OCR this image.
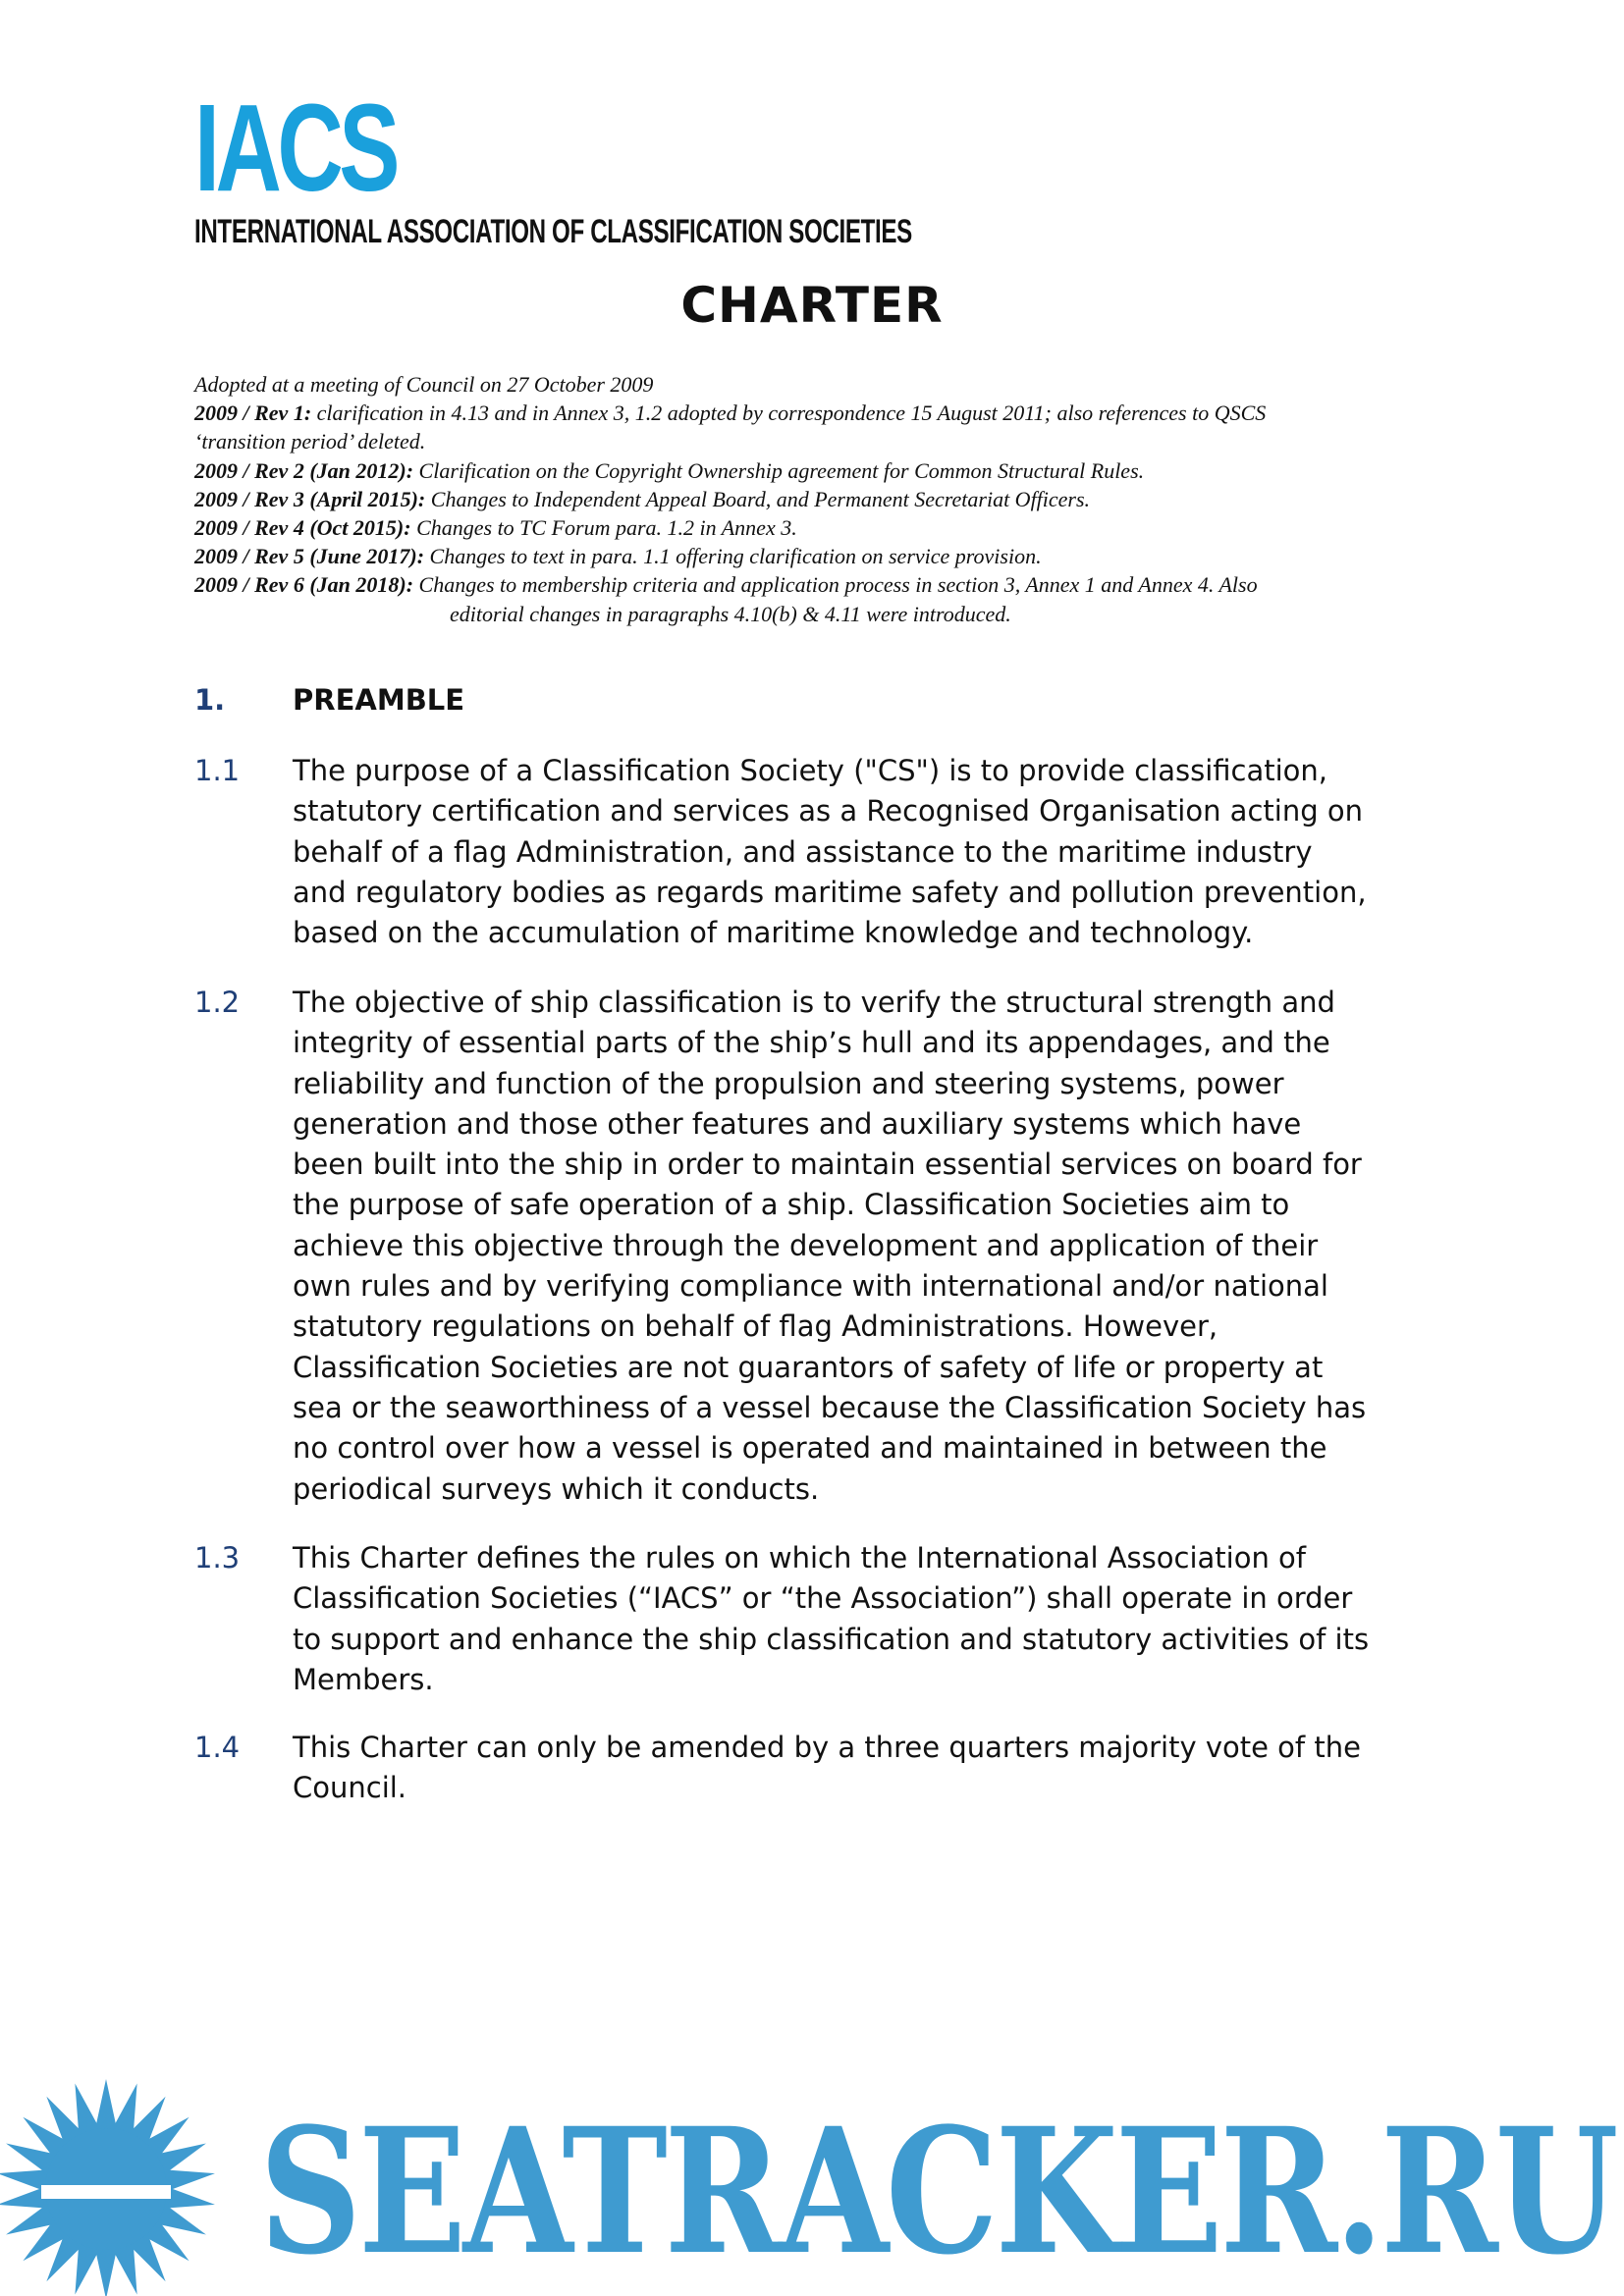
IACS
INTERNATIONAL ASSOCIATION OF CLASSIFICATION SOCIETIES
CHARTER
Adopted at a meeting of Council on 27 October 2009
2009 / Rev 1: clarification in 4.13 and in Annex 3, 1.2 adopted by correspondence 15 August 2011; also references to QSCS
‘transition period’ deleted.
2009 / Rev 2 (Jan 2012): Clarification on the Copyright Ownership agreement for Common Structural Rules.
2009 / Rev 3 (April 2015): Changes to Independent Appeal Board, and Permanent Secretariat Officers.
2009 / Rev 4 (Oct 2015): Changes to TC Forum para. 1.2 in Annex 3.
2009 / Rev 5 (June 2017): Changes to text in para. 1.1 offering clarification on service provision.
2009 / Rev 6 (Jan 2018): Changes to membership criteria and application process in section 3, Annex 1 and Annex 4. Also
editorial changes in paragraphs 4.10(b) & 4.11 were introduced.
1. PREAMBLE
1.1 The purpose of a Classification Society ("CS") is to provide classification,
statutory certification and services as a Recognised Organisation acting on
behalf of a flag Administration, and assistance to the maritime industry
and regulatory bodies as regards maritime safety and pollution prevention,
based on the accumulation of maritime knowledge and technology.
1.2 The objective of ship classification is to verify the structural strength and
integrity of essential parts of the ship’s hull and its appendages, and the
reliability and function of the propulsion and steering systems, power
generation and those other features and auxiliary systems which have
been built into the ship in order to maintain essential services on board for
the purpose of safe operation of a ship. Classification Societies aim to
achieve this objective through the development and application of their
own rules and by verifying compliance with international and/or national
statutory regulations on behalf of flag Administrations. However,
Classification Societies are not guarantors of safety of life or property at
sea or the seaworthiness of a vessel because the Classification Society has
no control over how a vessel is operated and maintained in between the
periodical surveys which it conducts.
1.3 This Charter defines the rules on which the International Association of
Classification Societies (“IACS” or “the Association”) shall operate in order
to support and enhance the ship classification and statutory activities of its
Members.
1.4 This Charter can only be amended by a three quarters majority vote of the
Council.
SEATRACKER.RU
